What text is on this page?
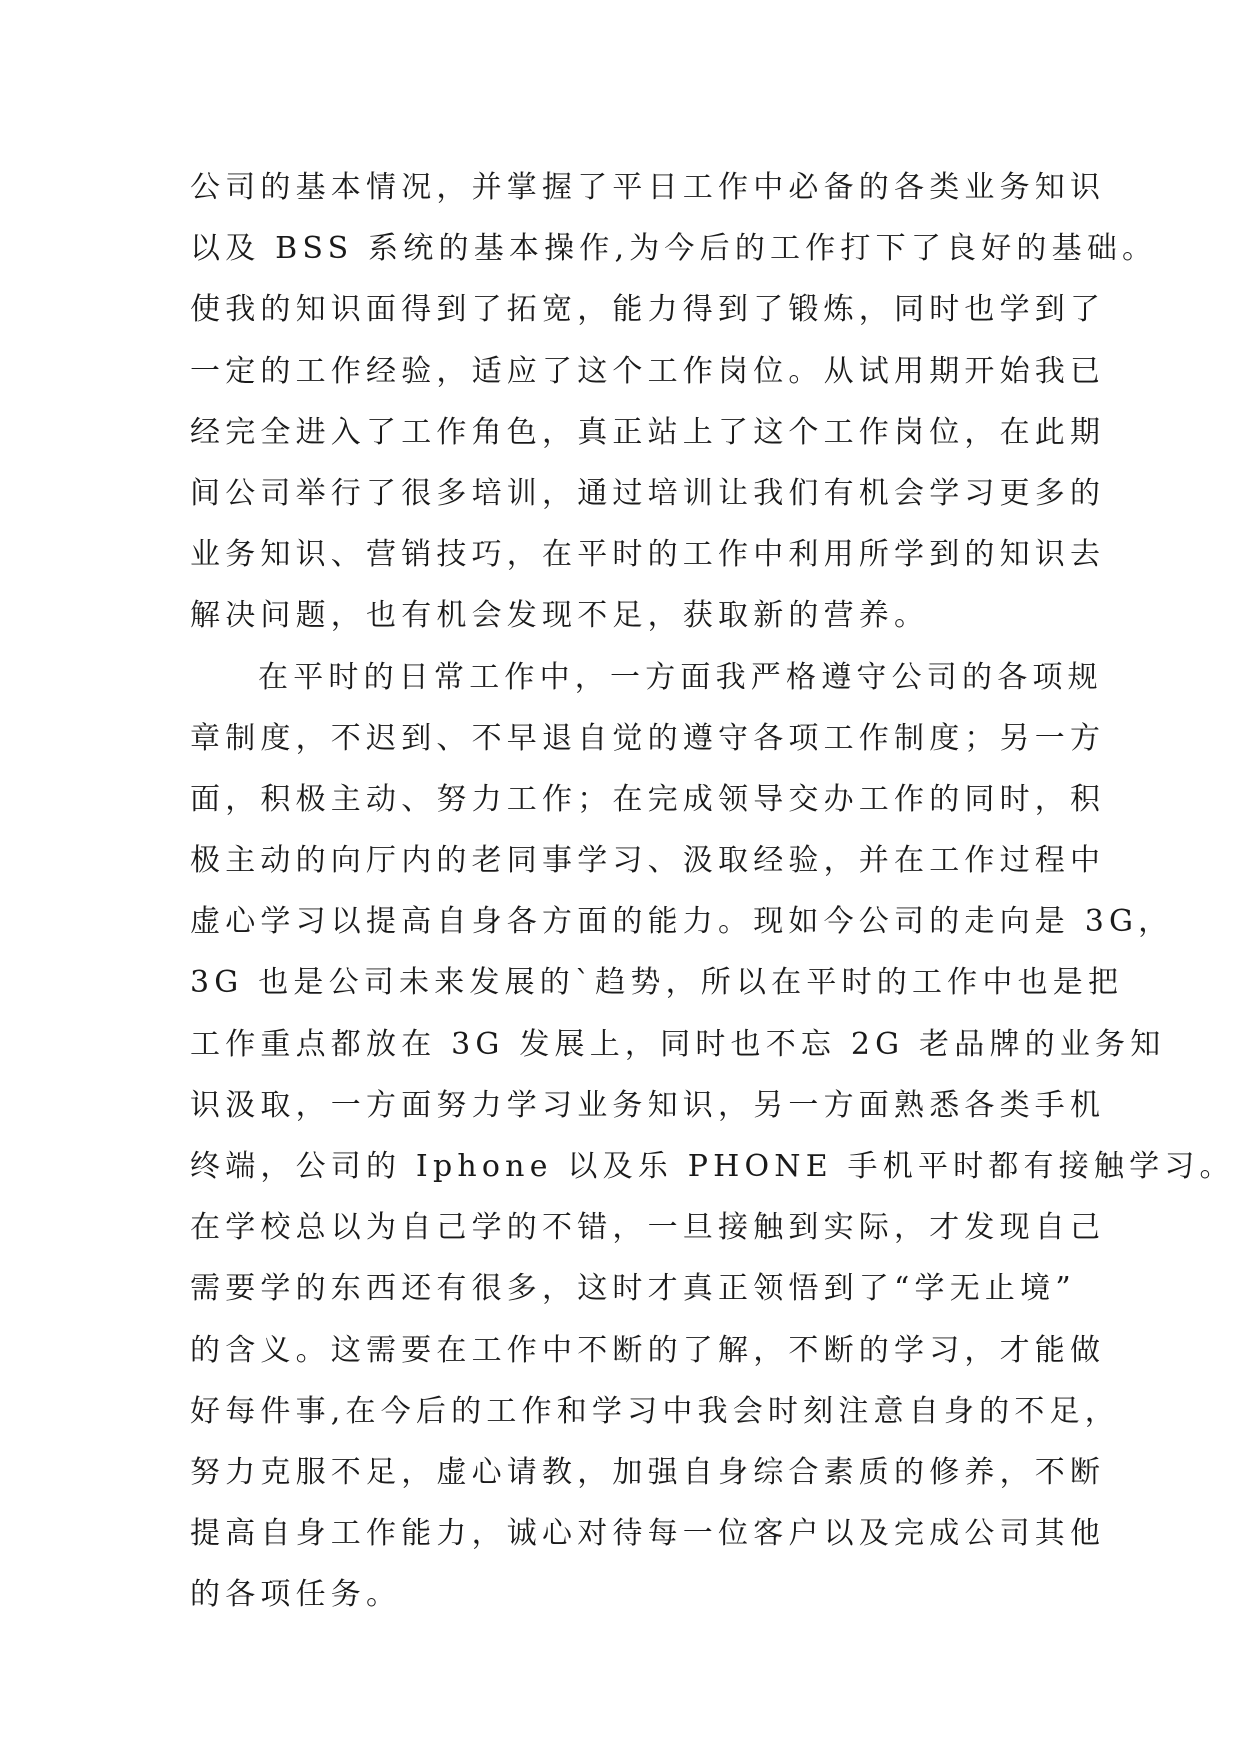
公司的基本情况，并掌握了平日工作中必备的各类业务知识
以及 BSS 系统的基本操作,为今后的工作打下了良好的基础。
使我的知识面得到了拓宽，能力得到了锻炼，同时也学到了
一定的工作经验，适应了这个工作岗位。从试用期开始我已
经完全进入了工作角色，真正站上了这个工作岗位，在此期
间公司举行了很多培训，通过培训让我们有机会学习更多的
业务知识、营销技巧，在平时的工作中利用所学到的知识去
解决问题，也有机会发现不足，获取新的营养。
在平时的日常工作中，一方面我严格遵守公司的各项规
章制度，不迟到、不早退自觉的遵守各项工作制度；另一方
面，积极主动、努力工作；在完成领导交办工作的同时，积
极主动的向厅内的老同事学习、汲取经验，并在工作过程中
虚心学习以提高自身各方面的能力。现如今公司的走向是 3G，
3G 也是公司未来发展的`趋势，所以在平时的工作中也是把
工作重点都放在 3G 发展上，同时也不忘 2G 老品牌的业务知
识汲取，一方面努力学习业务知识，另一方面熟悉各类手机
终端，公司的 Iphone 以及乐 PHONE 手机平时都有接触学习。
在学校总以为自己学的不错，一旦接触到实际，才发现自己
需要学的东西还有很多，这时才真正领悟到了“学无止境”
的含义。这需要在工作中不断的了解，不断的学习，才能做
好每件事,在今后的工作和学习中我会时刻注意自身的不足，
努力克服不足，虚心请教，加强自身综合素质的修养，不断
提高自身工作能力，诚心对待每一位客户以及完成公司其他
的各项任务。
